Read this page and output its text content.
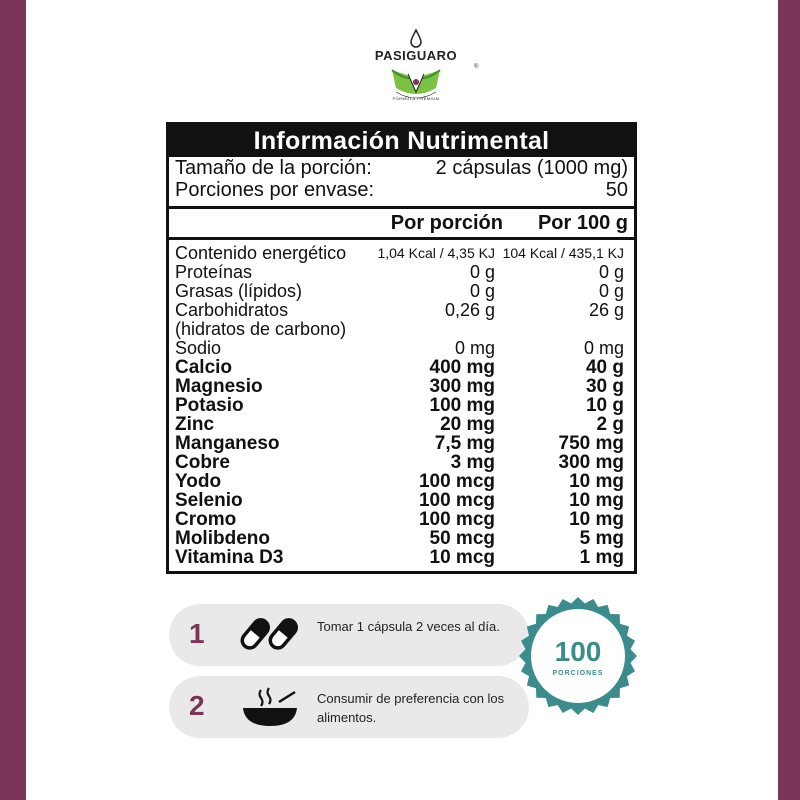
PASIGUARO
®
FÓRMULA PREMIUM
Información Nutrimental
Tamaño de la porción:	2 cápsulas (1000 mg)
Porciones por envase:	50
Por porción	Por 100 g
Contenido energético	1,04 Kcal / 4,35 KJ 104 Kcal / 435,1 KJ
Proteínas	0 g	0 g
Grasas (lípidos)	0 g	0 g
Carbohidratos	0,26 g	26 g
(hidratos de carbono)
Sodio	0 mg	0 mg
Calcio	400 mg	40 g
Magnesio	300 mg	30 g
Potasio	100 mg	10 g
Zinc	20 mg	2 g
Manganeso	7,5 mg	750 mg
Cobre	3 mg	300 mg
Yodo	100 mcg	10 mg
Selenio	100 mcg	10 mg
Cromo	100 mcg	10 mg
Molibdeno	50 mcg	5 mg
Vitamina D3	10 mcg	1 mg
1	Tomar 1 cápsula 2 veces al día.
2	Consumir de preferencia con los alimentos.
100
PORCIONES
